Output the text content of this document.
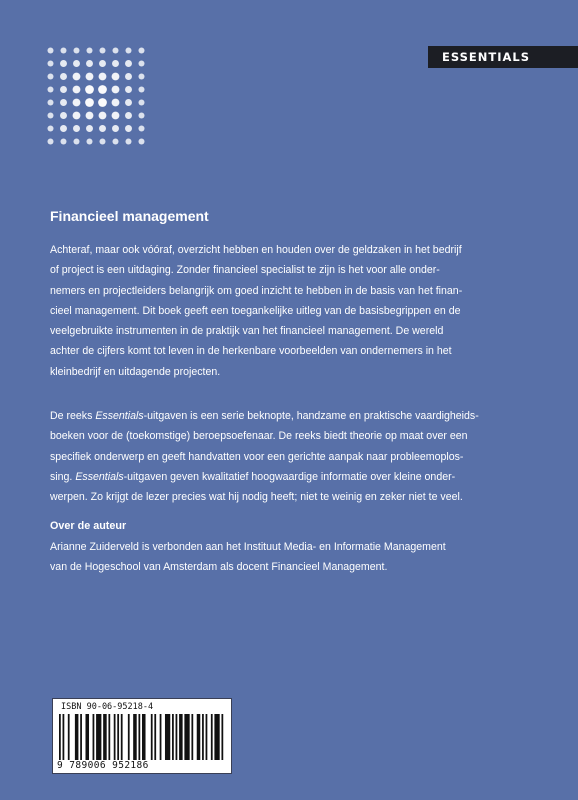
ESSENTIALS
Financieel management

Achteraf, maar ook vóóraf, overzicht hebben en houden over de geldzaken in het bedrijf
of project is een uitdaging. Zonder financieel specialist te zijn is het voor alle onder-
nemers en projectleiders belangrijk om goed inzicht te hebben in de basis van het finan-
cieel management. Dit boek geeft een toegankelijke uitleg van de basisbegrippen en de
veelgebruikte instrumenten in de praktijk van het financieel management. De wereld
achter de cijfers komt tot leven in de herkenbare voorbeelden van ondernemers in het
kleinbedrijf en uitdagende projecten.

De reeks Essentials-uitgaven is een serie beknopte, handzame en praktische vaardigheids-
boeken voor de (toekomstige) beroepsoefenaar. De reeks biedt theorie op maat over een
specifiek onderwerp en geeft handvatten voor een gerichte aanpak naar probleemoplos-
sing. Essentials-uitgaven geven kwalitatief hoogwaardige informatie over kleine onder-
werpen. Zo krijgt de lezer precies wat hij nodig heeft; niet te weinig en zeker niet te veel.

Over de auteur

Arianne Zuiderveld is verbonden aan het Instituut Media- en Informatie Management
van de Hogeschool van Amsterdam als docent Financieel Management.

ISBN 90-06-95218-4
9 789006 952186
